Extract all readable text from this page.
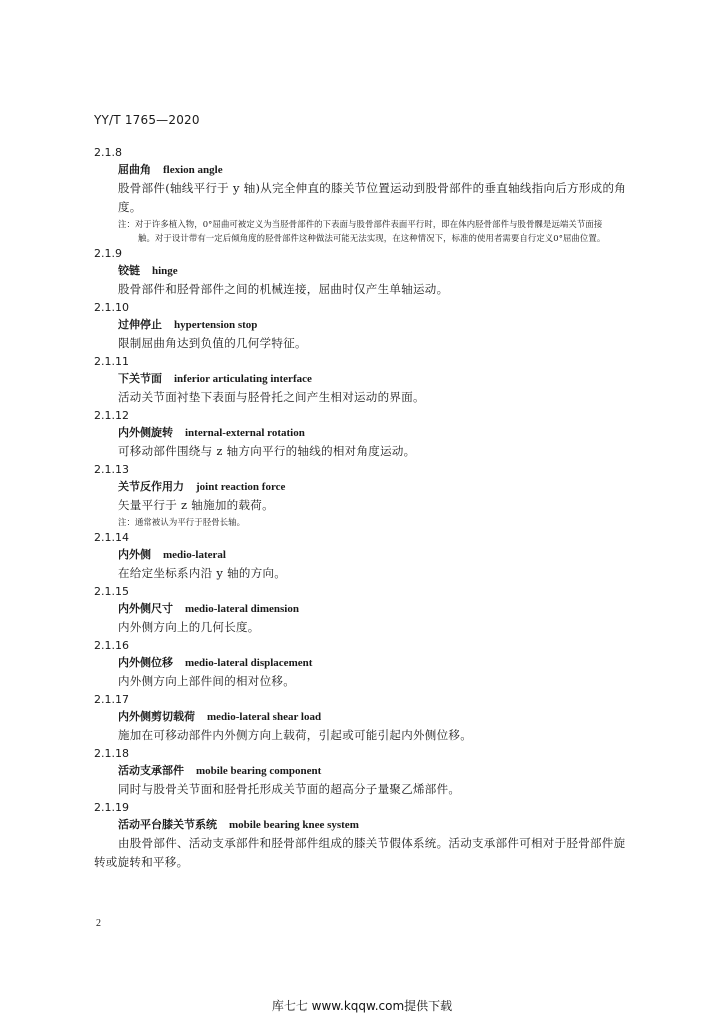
YY/T 1765—2020
2.1.8
屈曲角 flexion angle
股骨部件(轴线平行于 y 轴)从完全伸直的膝关节位置运动到股骨部件的垂直轴线指向后方形成的角度。
注：对于许多植入物，0°屈曲可被定义为当胫骨部件的下表面与股骨部件表面平行时，即在体内胫骨部件与股骨髁是远端关节面接触。对于设计带有一定后倾角度的胫骨部件这种做法可能无法实现，在这种情况下，标准的使用者需要自行定义0°屈曲位置。
2.1.9
铰链 hinge
股骨部件和胫骨部件之间的机械连接，屈曲时仅产生单轴运动。
2.1.10
过伸停止 hypertension stop
限制屈曲角达到负值的几何学特征。
2.1.11
下关节面 inferior articulating interface
活动关节面衬垫下表面与胫骨托之间产生相对运动的界面。
2.1.12
内外侧旋转 internal-external rotation
可移动部件围绕与 z 轴方向平行的轴线的相对角度运动。
2.1.13
关节反作用力 joint reaction force
矢量平行于 z 轴施加的载荷。
注：通常被认为平行于胫骨长轴。
2.1.14
内外侧 medio-lateral
在给定坐标系内沿 y 轴的方向。
2.1.15
内外侧尺寸 medio-lateral dimension
内外侧方向上的几何长度。
2.1.16
内外侧位移 medio-lateral displacement
内外侧方向上部件间的相对位移。
2.1.17
内外侧剪切载荷 medio-lateral shear load
施加在可移动部件内外侧方向上载荷，引起或可能引起内外侧位移。
2.1.18
活动支承部件 mobile bearing component
同时与股骨关节面和胫骨托形成关节面的超高分子量聚乙烯部件。
2.1.19
活动平台膝关节系统 mobile bearing knee system
由股骨部件、活动支承部件和胫骨部件组成的膝关节假体系统。活动支承部件可相对于胫骨部件旋转或旋转和平移。
2
库七七 www.kqqw.com提供下载
